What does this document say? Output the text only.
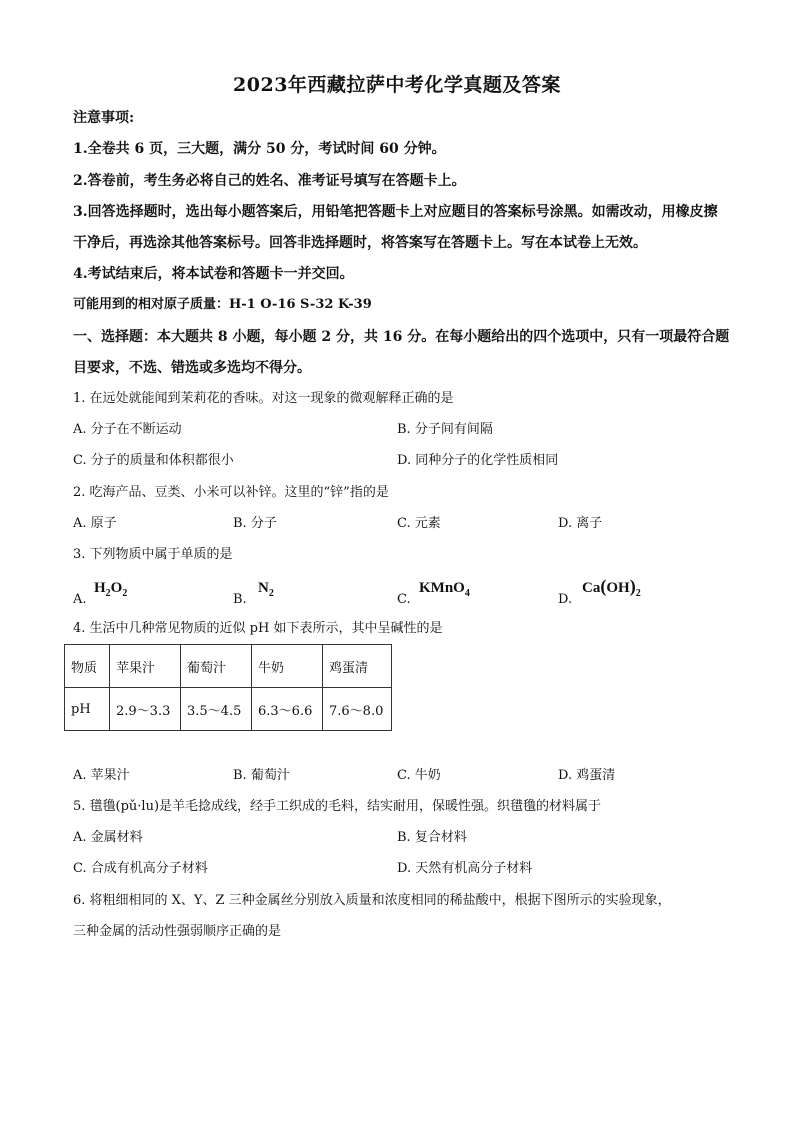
2023年西藏拉萨中考化学真题及答案
注意事项:
1.全卷共 6 页，三大题，满分 50 分，考试时间 60 分钟。
2.答卷前，考生务必将自己的姓名、准考证号填写在答题卡上。
3.回答选择题时，选出每小题答案后，用铅笔把答题卡上对应题目的答案标号涂黑。如需改动，用橡皮擦
干净后，再选涂其他答案标号。回答非选择题时，将答案写在答题卡上。写在本试卷上无效。
4.考试结束后，将本试卷和答题卡一并交回。
可能用到的相对原子质量：H-1 O-16 S-32 K-39
一、选择题：本大题共 8 小题，每小题 2 分，共 16 分。在每小题给出的四个选项中，只有一项最符合题
目要求，不选、错选或多选均不得分。
1. 在远处就能闻到茉莉花的香味。对这一现象的微观解释正确的是
A. 分子在不断运动	B. 分子间有间隔
C. 分子的质量和体积都很小	D. 同种分子的化学性质相同
2. 吃海产品、豆类、小米可以补锌。这里的“锌”指的是
A. 原子	B. 分子	C. 元素	D. 离子
3. 下列物质中属于单质的是
A.
$H_2O_2$	B.
$N_2$	C.
KMnO$_4$	D.
$Ca(OH)_2$
4. 生活中几种常见物质的近似 pH 如下表所示，其中呈碱性的是
物质	苹果汁	葡萄汁	牛奶	鸡蛋清
pH	2.9～3.3	3.5～4.5	6.3～6.6	7.6～8.0
A. 苹果汁	B. 葡萄汁	C. 牛奶	D. 鸡蛋清
5. 氆氇(pǔ·lu)是羊毛捻成线，经手工织成的毛料，结实耐用，保暖性强。织氆氇的材料属于
A. 金属材料	B. 复合材料
C. 合成有机高分子材料	D. 天然有机高分子材料
6. 将粗细相同的 X、Y、Z 三种金属丝分别放入质量和浓度相同的稀盐酸中，根据下图所示的实验现象，
三种金属的活动性强弱顺序正确的是
